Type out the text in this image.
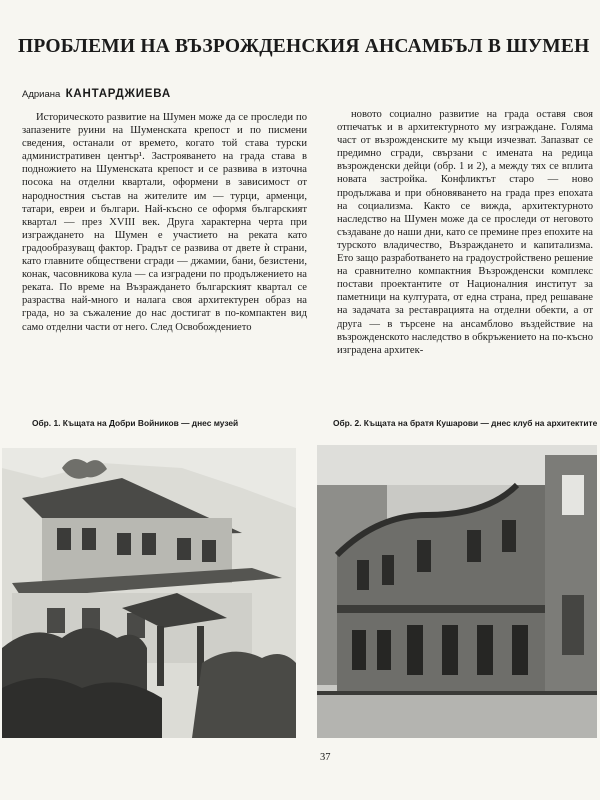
ПРОБЛЕМИ НА ВЪЗРОЖДЕНСКИЯ АНСАМБЪЛ В ШУМЕН
Адриана КАНТАРДЖИЕВА
Историческото развитие на Шумен може да се проследи по запазените руини на Шуменската крепост и по писмени сведения, останали от времето, когато той става турски административен център¹. Застрояването на града става в подножието на Шуменската крепост и се развива в източна посока на отделни квартали, оформени в зависимост от народностния състав на жителите им — турци, арменци, татари, евреи и българи. Най-късно се оформя българският квартал — през XVIII век. Друга характерна черта при изграждането на Шумен е участието на реката като градообразуващ фактор. Градът се развива от двете ѝ страни, като главните обществени сгради — джамии, бани, безистени, конак, часовникова кула — са изградени по продължението на реката. По време на Възраждането българският квартал се разраства най-много и налага своя архитектурен образ на града, но за съжаление до нас достигат в по-компактен вид само отделни части от него. След Освобождението
новото социално развитие на града оставя своя отпечатък и в архитектурното му изграждане. Голяма част от възрожденските му къщи изчезват. Запазват се предимно сгради, свързани с имената на редица възрожденски дейци (обр. 1 и 2), а между тях се вплита новата застройка. Конфликтът старо — ново продължава и при обновяването на града през епохата на социализма. Както се вижда, архитектурното наследство на Шумен може да се проследи от неговото създаване до наши дни, като се преминe през епохите на турското владичество, Възраждането и капитализма. Ето защо разработването на градоустройствено решение на сравнително компактния Възрожденски комплекс постави проектантите от Националния институт за паметници на културата, от една страна, пред решаване на задачата за реставрацията на отделни обекти, а от друга — в търсене на ансамблово въздействие на възрожденското наследство в обкръжението на по-късно изградена архитек-
Обр. 1. Къщата на Добри Войников — днес музей	Обр. 2. Къщата на братя Кушарови — днес клуб на архитектите
37
